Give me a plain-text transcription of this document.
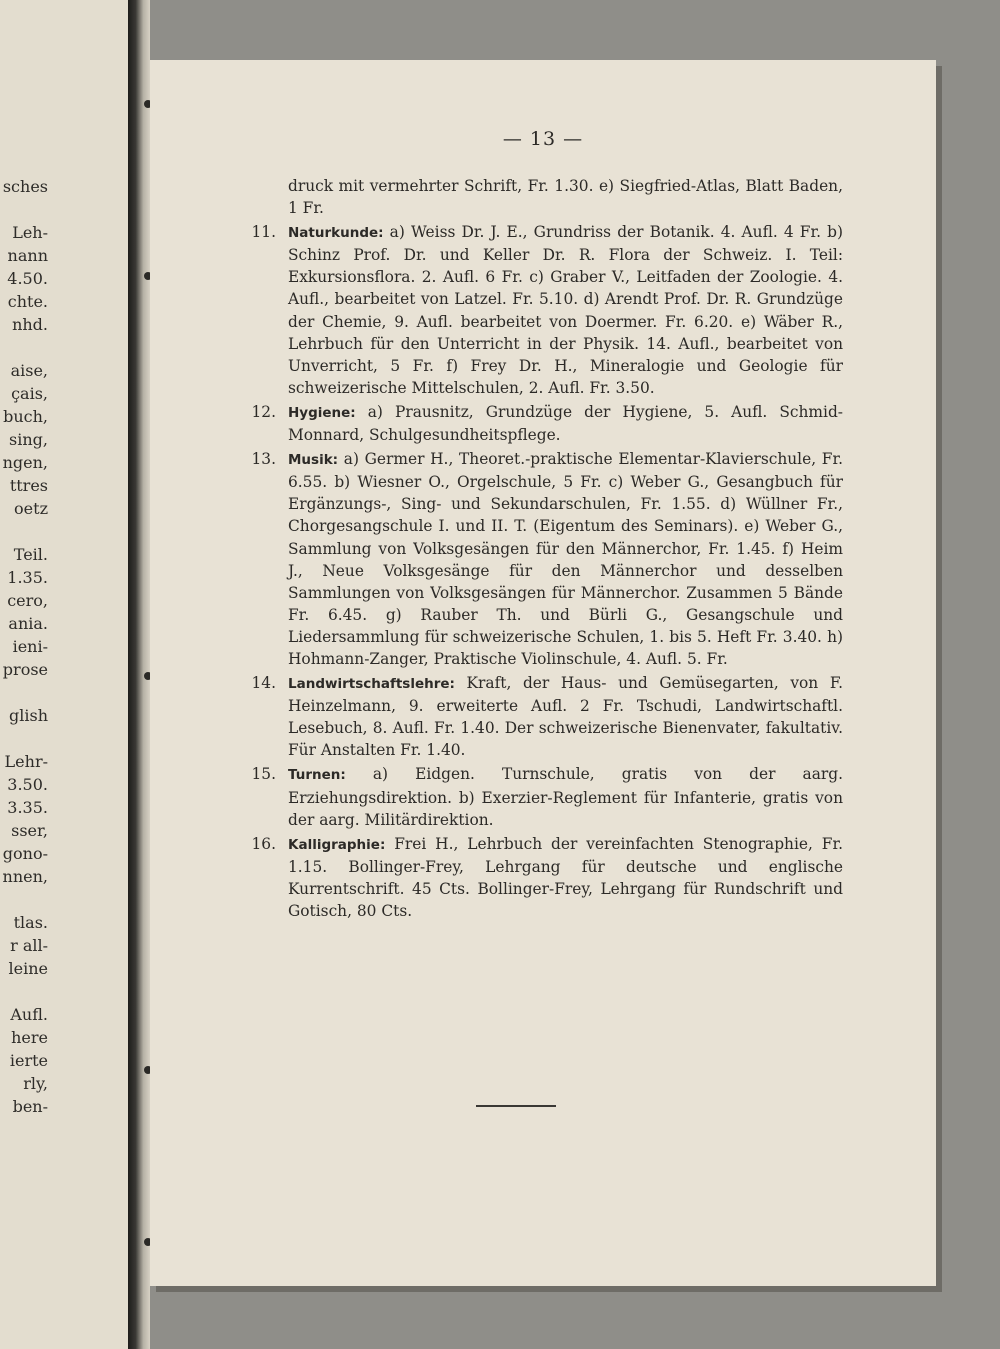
sches
Leh-
nann
4.50.
chte.
nhd.
aise,
çais,
buch,
sing,
ngen,
ttres
oetz
Teil.
1.35.
cero,
ania.
ieni-
prose
glish
Lehr-
3.50.
3.35.
sser,
gono-
nnen,
tlas.
r all-
leine
Aufl.
here
ierte
rly,
ben-
— 13 —

druck mit vermehrter Schrift, Fr. 1.30. e) Siegfried-Atlas, Blatt Baden, 1 Fr.

11. Naturkunde: a) Weiss Dr. J. E., Grundriss der Botanik. 4. Aufl. 4 Fr. b) Schinz Prof. Dr. und Keller Dr. R. Flora der Schweiz. I. Teil: Exkursionsflora. 2. Aufl. 6 Fr. c) Graber V., Leitfaden der Zoologie. 4. Aufl., bearbeitet von Latzel. Fr. 5.10. d) Arendt Prof. Dr. R. Grundzüge der Chemie, 9. Aufl. bearbeitet von Doermer. Fr. 6.20. e) Wäber R., Lehrbuch für den Unterricht in der Physik. 14. Aufl., bearbeitet von Unverricht, 5 Fr. f) Frey Dr. H., Mineralogie und Geologie für schweizerische Mittelschulen, 2. Aufl. Fr. 3.50.

12. Hygiene: a) Prausnitz, Grundzüge der Hygiene, 5. Aufl. Schmid-Monnard, Schulgesundheitspflege.

13. Musik: a) Germer H., Theoret.-praktische Elementar-Klavierschule, Fr. 6.55. b) Wiesner O., Orgelschule, 5 Fr. c) Weber G., Gesangbuch für Ergänzungs-, Sing- und Sekundarschulen, Fr. 1.55. d) Wüllner Fr., Chorgesangschule I. und II. T. (Eigentum des Seminars). e) Weber G., Sammlung von Volksgesängen für den Männerchor, Fr. 1.45. f) Heim J., Neue Volksgesänge für den Männerchor und desselben Sammlungen von Volksgesängen für Männerchor. Zusammen 5 Bände Fr. 6.45. g) Rauber Th. und Bürli G., Gesangschule und Liedersammlung für schweizerische Schulen, 1. bis 5. Heft Fr. 3.40. h) Hohmann-Zanger, Praktische Violinschule, 4. Aufl. 5. Fr.

14. Landwirtschaftslehre: Kraft, der Haus- und Gemüsegarten, von F. Heinzelmann, 9. erweiterte Aufl. 2 Fr. Tschudi, Landwirtschaftl. Lesebuch, 8. Aufl. Fr. 1.40. Der schweizerische Bienenvater, fakultativ. Für Anstalten Fr. 1.40.

15. Turnen: a) Eidgen. Turnschule, gratis von der aarg. Erziehungsdirektion. b) Exerzier-Reglement für Infanterie, gratis von der aarg. Militärdirektion.

16. Kalligraphie: Frei H., Lehrbuch der vereinfachten Stenographie, Fr. 1.15. Bollinger-Frey, Lehrgang für deutsche und englische Kurrentschrift. 45 Cts. Bollinger-Frey, Lehrgang für Rundschrift und Gotisch, 80 Cts.
